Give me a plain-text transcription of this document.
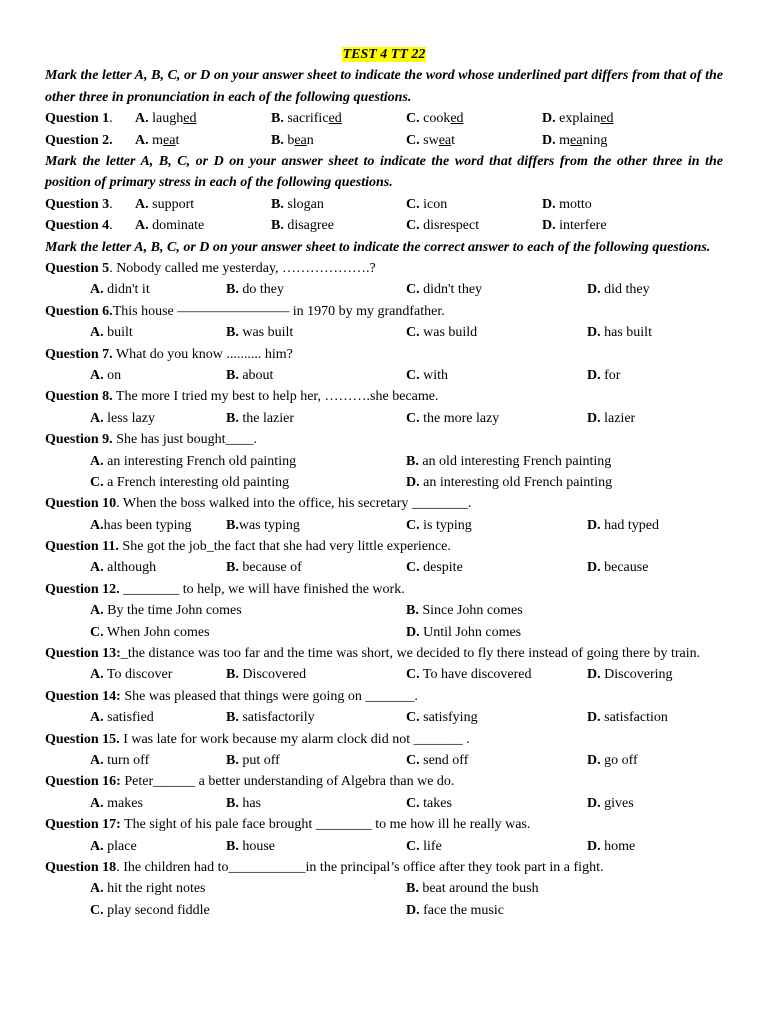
TEST 4 TT 22
Mark the letter A, B, C, or D on your answer sheet to indicate the word whose underlined part differs from that of the other three in pronunciation in each of the following questions.
Question 1. A. laughed	B. sacrificed	C. cooked	D. explained
Question 2. A. meat	B. bean	C. sweat	D. meaning
Mark the letter A, B, C, or D on your answer sheet to indicate the word that differs from the other three in the position of primary stress in each of the following questions.
Question 3. A. support	B. slogan	C. icon	D. motto
Question 4. A. dominate	B. disagree	C. disrespect	D. interfere
Mark the letter A, B, C, or D on your answer sheet to indicate the correct answer to each of the following questions.
Question 5. Nobody called me yesterday, ……………….?
A. didn't it	B. do they	C. didn't they	D. did they
Question 6.This house ———————— in 1970 by my grandfather.
A. built	B. was built	C. was build	D. has built
Question 7. What do you know .......... him?
A. on	B. about	C. with	D. for
Question 8. The more I tried my best to help her, ……….she became.
A. less lazy	B. the lazier	C. the more lazy	D. lazier
Question 9. She has just bought____.
A. an interesting French old painting	B. an old interesting French painting
C. a French interesting old painting	D. an interesting old French painting
Question 10. When the boss walked into the office, his secretary ________.
A.has been typing B.was typing	C. is typing	D. had typed
Question 11. She got the job_the fact that she had very little experience.
A. although	B. because of	C. despite	D. because
Question 12. ________ to help, we will have finished the work.
A. By the time John comes	B. Since John comes
C. When John comes	D. Until John comes
Question 13:_the distance was too far and the time was short, we decided to fly there instead of going there by train.
A. To discover	B. Discovered	C. To have discovered	D. Discovering
Question 14: She was pleased that things were going on _______.
A. satisfied	B. satisfactorily	C. satisfying	D. satisfaction
Question 15. I was late for work because my alarm clock did not _______ .
A. turn off	B. put off	C. send off	D. go off
Question 16: Peter______ a better understanding of Algebra than we do.
A. makes	B. has	C. takes	D. gives
Question 17: The sight of his pale face brought ________ to me how ill he really was.
A. place	B. house	C. life	D. home
Question 18. Ihe children had to___________in the principal’s office after they took part in a fight.
A. hit the right notes	B. beat around the bush
C. play second fiddle	D. face the music
